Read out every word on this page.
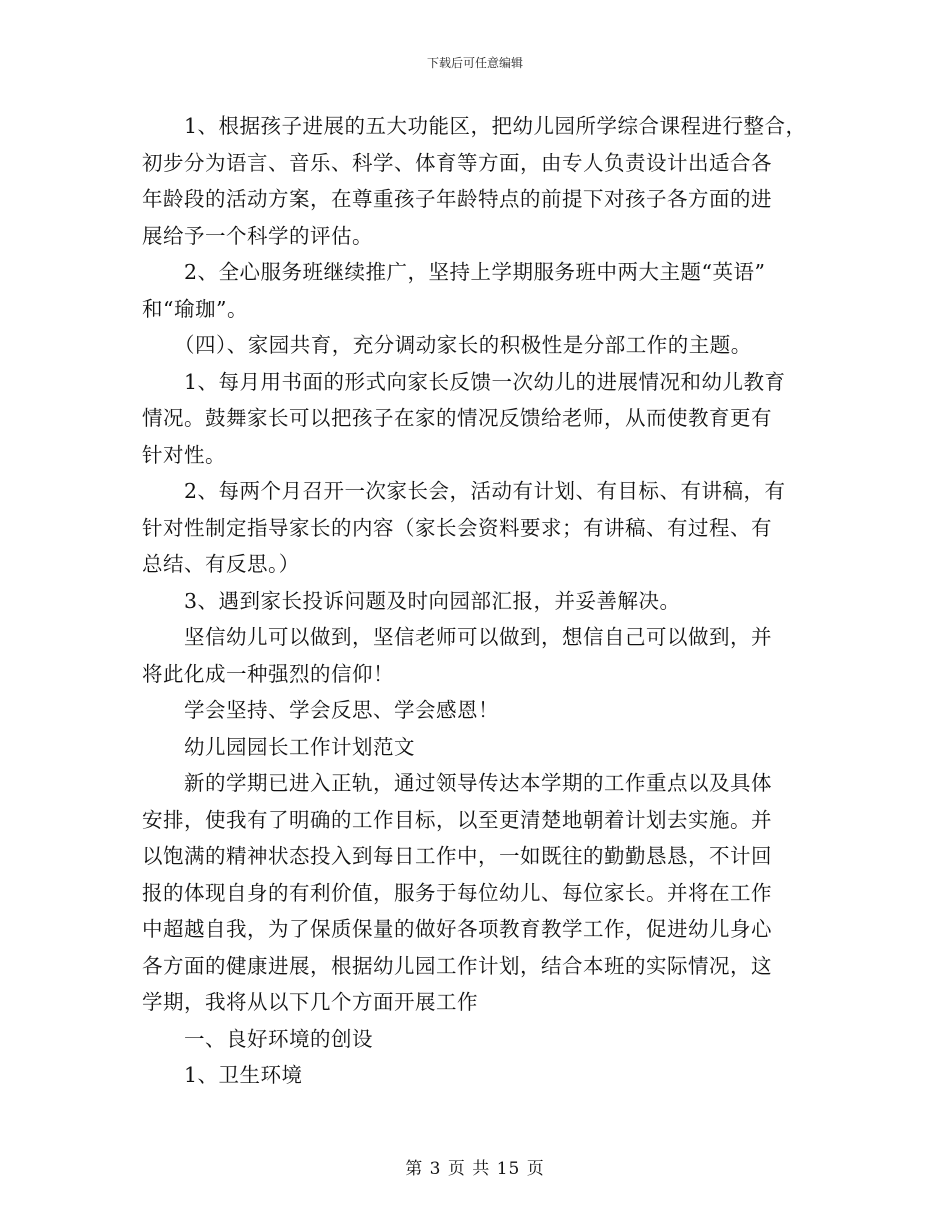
下载后可任意编辑
1、根据孩子进展的五大功能区，把幼儿园所学综合课程进行整合，
初步分为语言、音乐、科学、体育等方面，由专人负责设计出适合各
年龄段的活动方案，在尊重孩子年龄特点的前提下对孩子各方面的进
展给予一个科学的评估。
2、全心服务班继续推广，坚持上学期服务班中两大主题“英语”
和“瑜珈”。
（四）、家园共育，充分调动家长的积极性是分部工作的主题。
1、每月用书面的形式向家长反馈一次幼儿的进展情况和幼儿教育
情况。鼓舞家长可以把孩子在家的情况反馈给老师，从而使教育更有
针对性。
2、每两个月召开一次家长会，活动有计划、有目标、有讲稿，有
针对性制定指导家长的内容（家长会资料要求；有讲稿、有过程、有
总结、有反思。）
3、遇到家长投诉问题及时向园部汇报，并妥善解决。
坚信幼儿可以做到，坚信老师可以做到，想信自己可以做到，并
将此化成一种强烈的信仰！
学会坚持、学会反思、学会感恩！
幼儿园园长工作计划范文
新的学期已进入正轨，通过领导传达本学期的工作重点以及具体
安排，使我有了明确的工作目标，以至更清楚地朝着计划去实施。并
以饱满的精神状态投入到每日工作中，一如既往的勤勤恳恳，不计回
报的体现自身的有利价值，服务于每位幼儿、每位家长。并将在工作
中超越自我，为了保质保量的做好各项教育教学工作，促进幼儿身心
各方面的健康进展，根据幼儿园工作计划，结合本班的实际情况，这
学期，我将从以下几个方面开展工作
一、良好环境的创设
1、卫生环境
第 3 页 共 15 页
